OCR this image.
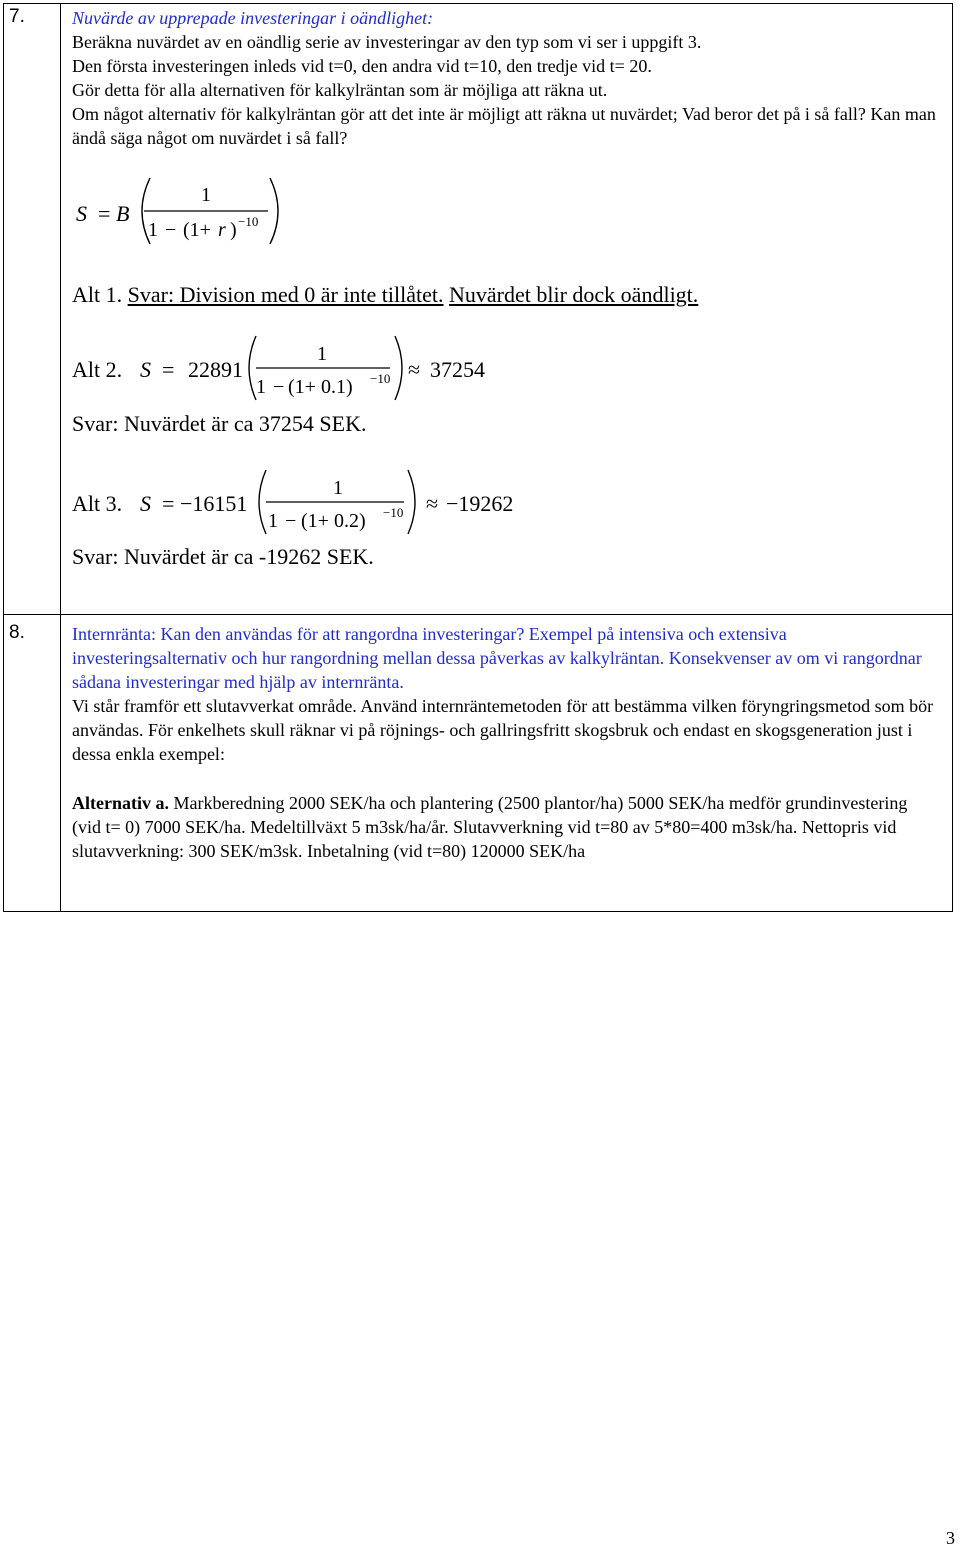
7.	Nuvärde av upprepade investeringar i oändlighet:
Beräkna nuvärdet av en oändlig serie av investeringar av den typ som vi ser i uppgift 3.
Den första investeringen inleds vid t=0, den andra vid t=10, den tredje vid t= 20.
Gör detta för alla alternativen för kalkylräntan som är möjliga att räkna ut.
Om något alternativ för kalkylräntan gör att det inte är möjligt att räkna ut nuvärdet; Vad beror det på i så fall? Kan man ändå säga något om nuvärdet i så fall?
S = B
1
1 − (1+ r ) −10
Alt 1. Svar: Division med 0 är inte tillåtet. Nuvärdet blir dock oändligt.
Alt 2. S = 22891
1
1 − (1+ 0.1) −10 ≈ 37254
Svar: Nuvärdet är ca 37254 SEK.
Alt 3. S = −16151
1
1 − (1+ 0.2) −10 ≈ −19262
Svar: Nuvärdet är ca -19262 SEK.
8.	Internränta: Kan den användas för att rangordna investeringar? Exempel på intensiva och extensiva investeringsalternativ och hur rangordning mellan dessa påverkas av kalkylräntan. Konsekvenser av om vi rangordnar sådana investeringar med hjälp av internränta.
Vi står framför ett slutavverkat område. Använd internräntemetoden för att bestämma vilken föryngringsmetod som bör användas. För enkelhets skull räknar vi på röjnings- och gallringsfritt skogsbruk och endast en skogsgeneration just i dessa enkla exempel:
Alternativ a. Markberedning 2000 SEK/ha och plantering (2500 plantor/ha) 5000 SEK/ha medför grundinvestering (vid t= 0) 7000 SEK/ha. Medeltillväxt 5 m3sk/ha/år. Slutavverkning vid t=80 av 5*80=400 m3sk/ha. Nettopris vid slutavverkning: 300 SEK/m3sk. Inbetalning (vid t=80) 120000 SEK/ha
3
